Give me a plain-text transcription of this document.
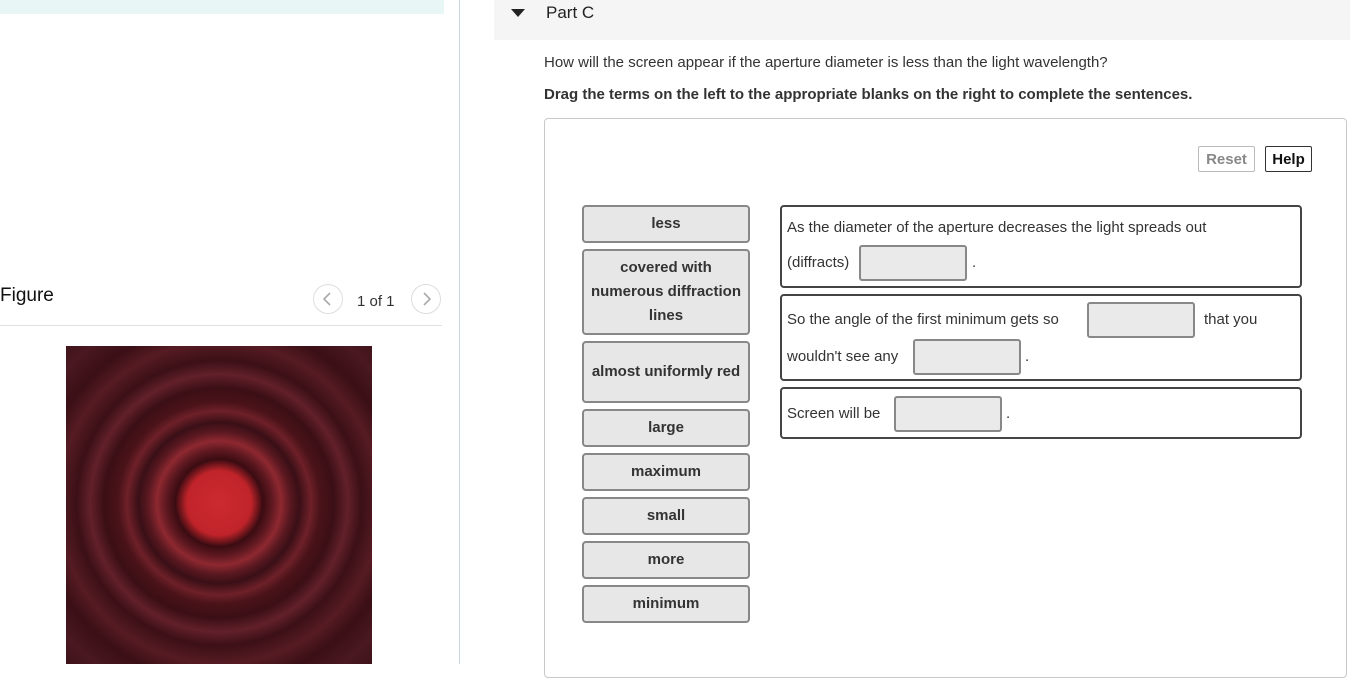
Figure	1 of 1
Part C
How will the screen appear if the aperture diameter is less than the light wavelength?
Drag the terms on the left to the appropriate blanks on the right to complete the sentences.
Reset	Help
less
covered with numerous diffraction lines
almost uniformly red
large
maximum
small
more
minimum
As the diameter of the aperture decreases the light spreads out
(diffracts)	.
So the angle of the first minimum gets so	that you
wouldn't see any	.
Screen will be	.
